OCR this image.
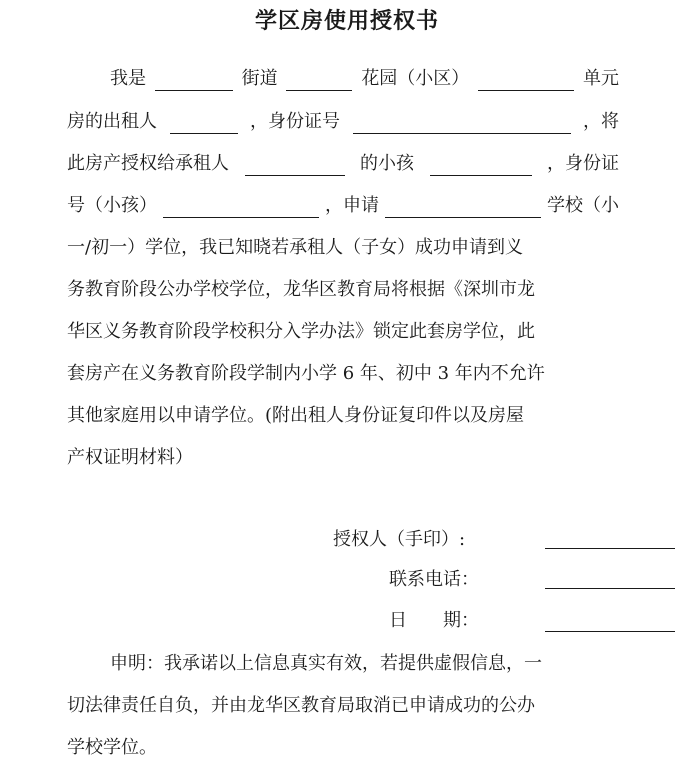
学区房使用授权书
我是	街道	花园（小区）	单元
房的出租人	，身份证号	，将
此房产授权给承租人	的小孩	，身份证
号（小孩）	，申请	学校（小
一/初一）学位，我已知晓若承租人（子女）成功申请到义
务教育阶段公办学校学位，龙华区教育局将根据《深圳市龙
华区义务教育阶段学校积分入学办法》锁定此套房学位，此
套房产在义务教育阶段学制内小学 6 年、初中 3 年内不允许
其他家庭用以申请学位。(附出租人身份证复印件以及房屋
产权证明材料）
授权人（手印）:
联系电话：
日　　期：
申明：我承诺以上信息真实有效，若提供虚假信息，一
切法律责任自负，并由龙华区教育局取消已申请成功的公办
学校学位。
